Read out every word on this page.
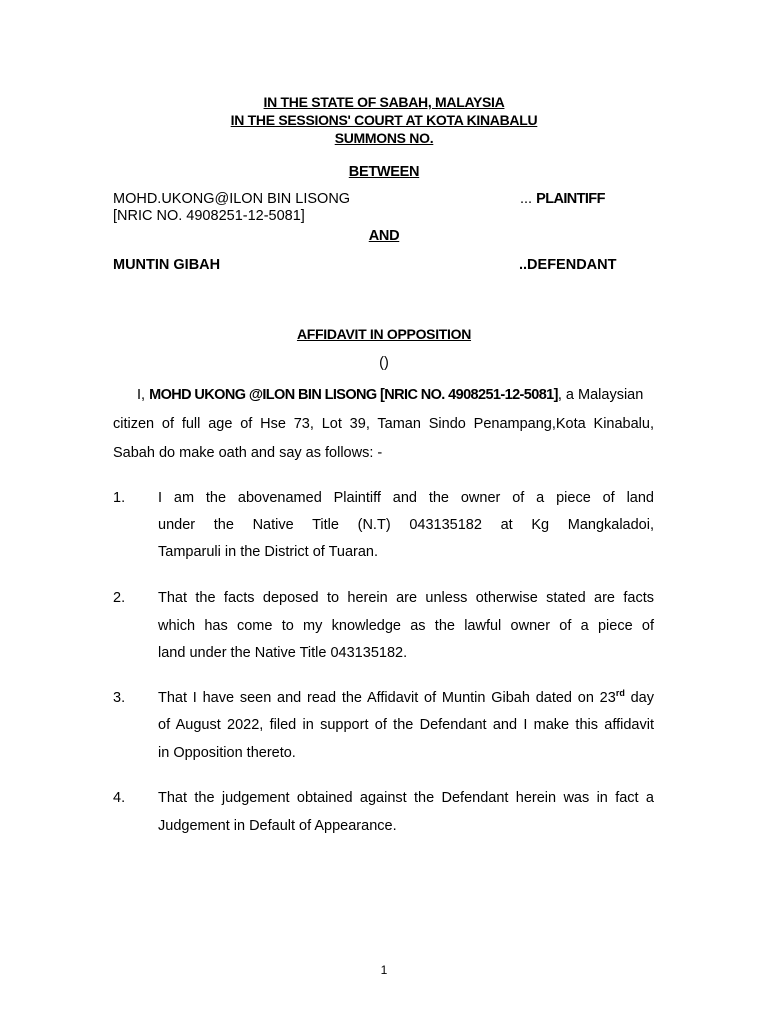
IN THE STATE OF SABAH, MALAYSIA
IN THE SESSIONS' COURT AT KOTA KINABALU
SUMMONS NO.
BETWEEN
MOHD.UKONG@ILON BIN LISONG	... PLAINTIFF
[NRIC NO. 4908251-12-5081]
AND
MUNTIN GIBAH	..DEFENDANT
AFFIDAVIT IN OPPOSITION
()
I, MOHD UKONG @ILON BIN LISONG [NRIC NO. 4908251-12-5081], a Malaysian
citizen of full age of Hse 73, Lot 39, Taman Sindo Penampang,Kota Kinabalu,
Sabah do make oath and say as follows: -
1. I am the abovenamed Plaintiff and the owner of a piece of land
under the Native Title (N.T) 043135182 at Kg Mangkaladoi,
Tamparuli in the District of Tuaran.
2. That the facts deposed to herein are unless otherwise stated are facts
which has come to my knowledge as the lawful owner of a piece of
land under the Native Title 043135182.
3. That I have seen and read the Affidavit of Muntin Gibah dated on 23rd day
of August 2022, filed in support of the Defendant and I make this affidavit
in Opposition thereto.
4. That the judgement obtained against the Defendant herein was in fact a
Judgement in Default of Appearance.
1
